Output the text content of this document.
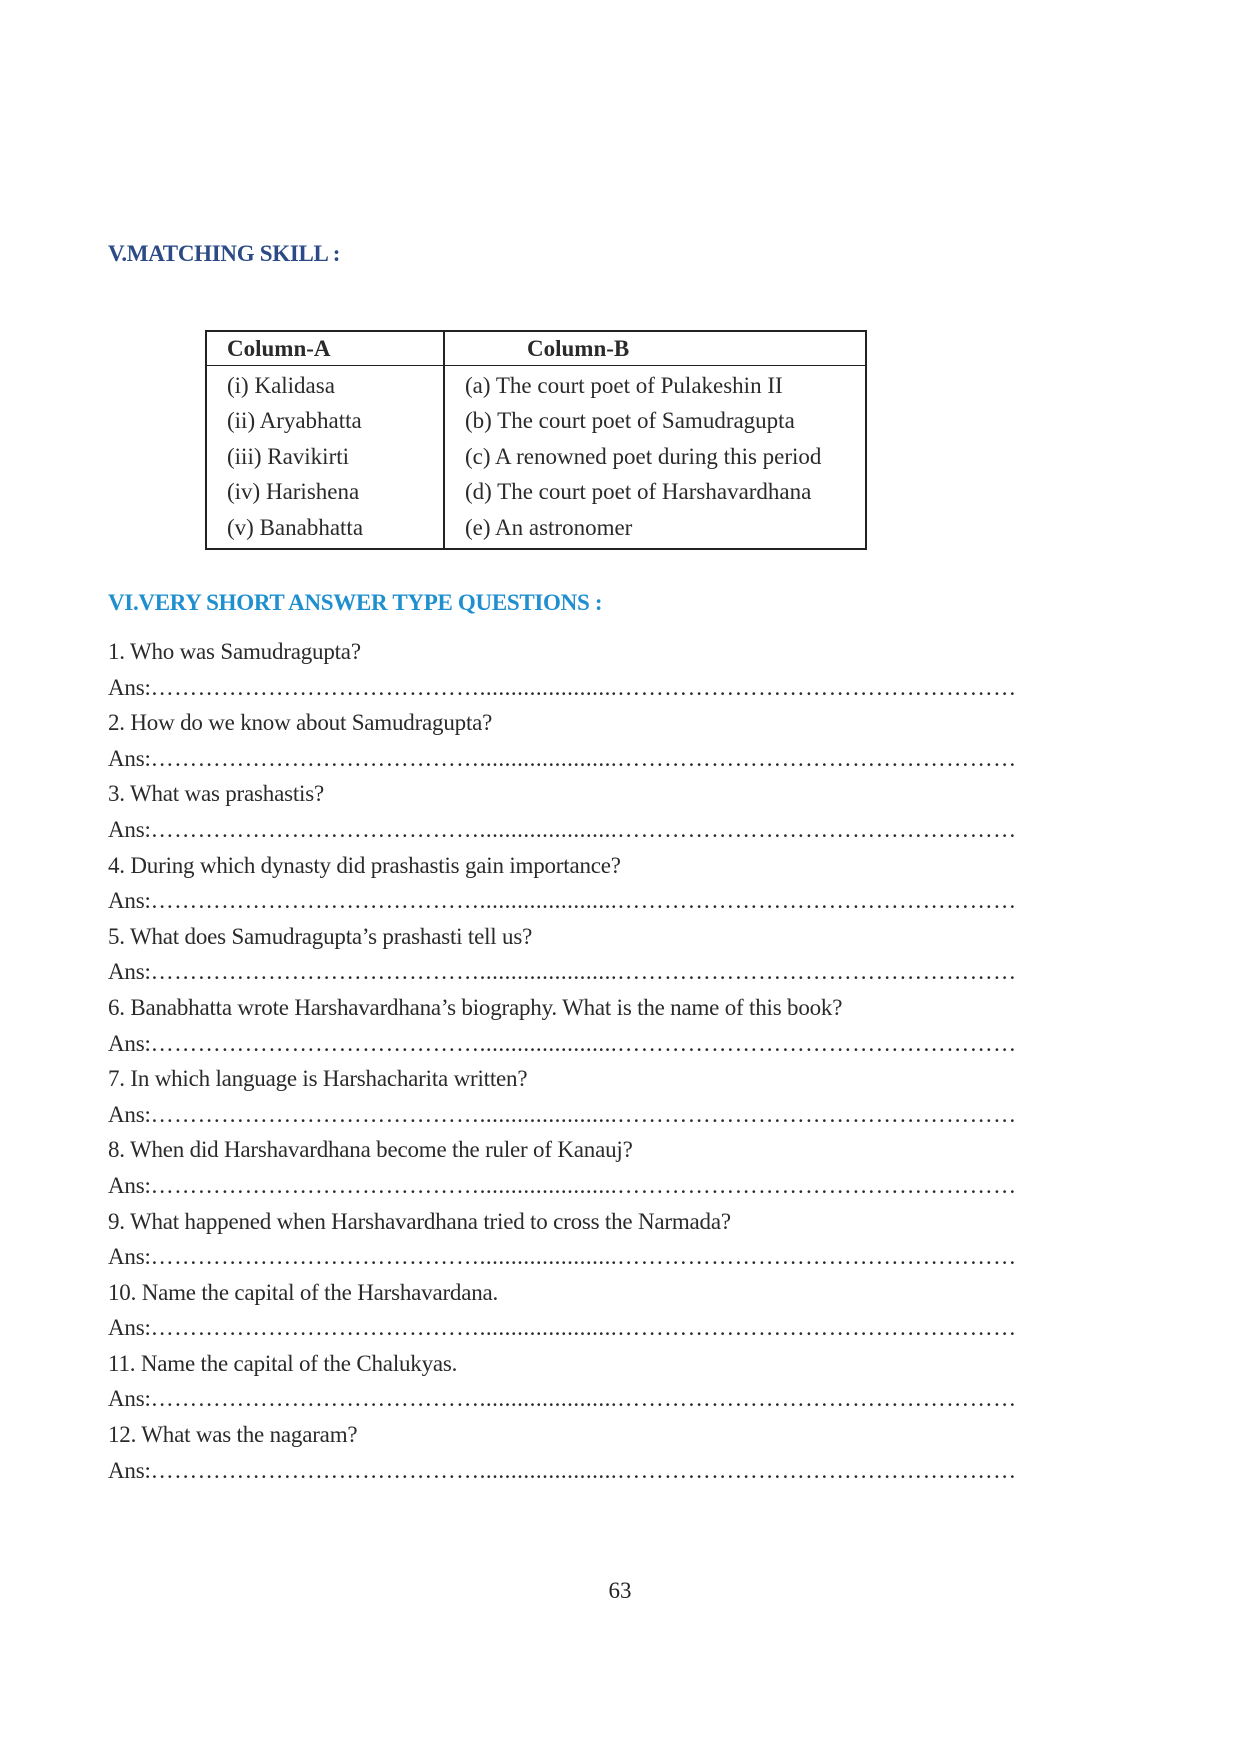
V.MATCHING SKILL :
Column-A	Column-B
(i) Kalidasa	(a) The court poet of Pulakeshin II
(ii) Aryabhatta	(b) The court poet of Samudragupta
(iii) Ravikirti	(c) A renowned poet during this period
(iv) Harishena	(d) The court poet of Harshavardhana
(v) Banabhatta	(e) An astronomer
VI.VERY SHORT ANSWER TYPE QUESTIONS :
1. Who was Samudragupta?
Ans:……………………………………......................……………………………………………
2. How do we know about Samudragupta?
Ans:……………………………………......................……………………………………………
3. What was prashastis?
Ans:……………………………………......................……………………………………………
4. During which dynasty did prashastis gain importance?
Ans:……………………………………......................……………………………………………
5. What does Samudragupta’s prashasti tell us?
Ans:……………………………………......................……………………………………………
6. Banabhatta wrote Harshavardhana’s biography. What is the name of this book?
Ans:……………………………………......................……………………………………………
7. In which language is Harshacharita written?
Ans:……………………………………......................……………………………………………
8. When did Harshavardhana become the ruler of Kanauj?
Ans:……………………………………......................……………………………………………
9. What happened when Harshavardhana tried to cross the Narmada?
Ans:……………………………………......................……………………………………………
10. Name the capital of the Harshavardana.
Ans:……………………………………......................……………………………………………
11. Name the capital of the Chalukyas.
Ans:……………………………………......................……………………………………………
12. What was the nagaram?
Ans:……………………………………......................……………………………………………
63
